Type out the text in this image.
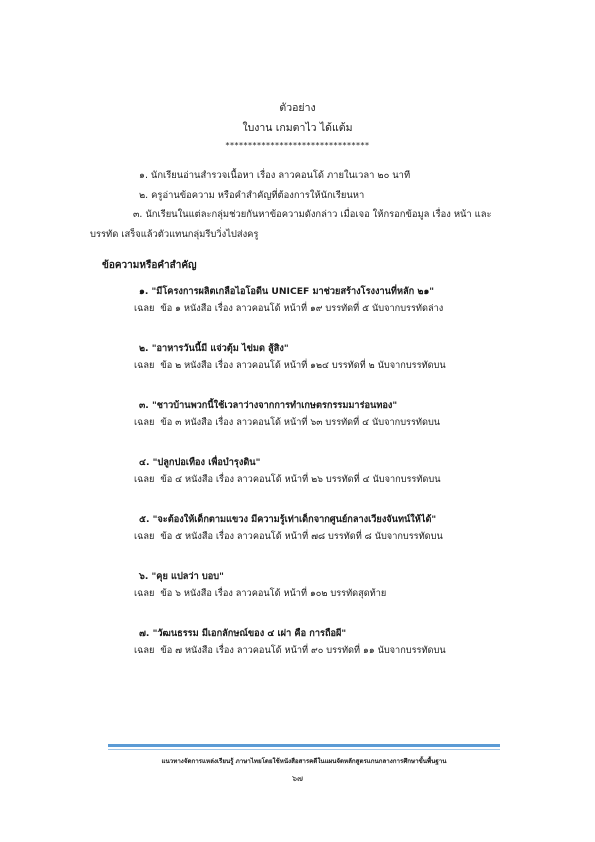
ตัวอย่าง
ใบงาน เกมตาไว ได้แต้ม
********************************
๑. นักเรียนอ่านสำรวจเนื้อหา เรื่อง ลาวคอนโด้ ภายในเวลา ๒๐ นาที
๒. ครูอ่านข้อความ หรือคำสำคัญที่ต้องการให้นักเรียนหา
๓. นักเรียนในแต่ละกลุ่มช่วยกันหาข้อความดังกล่าว เมื่อเจอ ให้กรอกข้อมูล เรื่อง หน้า และบรรทัด เสร็จแล้วตัวแทนกลุ่มรีบวิ่งไปส่งครู
ข้อความหรือคำสำคัญ
๑. "มีโครงการผลิตเกลือไอโอดีน UNICEF มาช่วยสร้างโรงงานที่หลัก ๒๑"
เฉลย ข้อ ๑ หนังสือ เรื่อง ลาวคอนโด้ หน้าที่ ๑๙ บรรทัดที่ ๕ นับจากบรรทัดล่าง
๒. "อาหารวันนี้มี แจ่วตุ้ม ไข่มด สู้สิง"
เฉลย ข้อ ๒ หนังสือ เรื่อง ลาวคอนโด้ หน้าที่ ๑๒๔ บรรทัดที่ ๒ นับจากบรรทัดบน
๓. "ชาวบ้านพวกนี้ใช้เวลาว่างจากการทำเกษตรกรรมมาร่อนทอง"
เฉลย ข้อ ๓ หนังสือ เรื่อง ลาวคอนโด้ หน้าที่ ๖๓ บรรทัดที่ ๔ นับจากบรรทัดบน
๔. "ปลูกปอเทือง เพื่อบำรุงดิน"
เฉลย ข้อ ๔ หนังสือ เรื่อง ลาวคอนโด้ หน้าที่ ๒๖ บรรทัดที่ ๔ นับจากบรรทัดบน
๕. "จะต้องให้เด็กตามแขวง มีความรู้เท่าเด็กจากศูนย์กลางเวียงจันทน์ให้ได้"
เฉลย ข้อ ๕ หนังสือ เรื่อง ลาวคอนโด้ หน้าที่ ๗๘ บรรทัดที่ ๘ นับจากบรรทัดบน
๖. "คุย แปลว่า บอบ"
เฉลย ข้อ ๖ หนังสือ เรื่อง ลาวคอนโด้ หน้าที่ ๑๐๒ บรรทัดสุดท้าย
๗. "วัฒนธรรม มีเอกลักษณ์ของ ๔ เผ่า คือ การถือผี"
เฉลย ข้อ ๗ หนังสือ เรื่อง ลาวคอนโด้ หน้าที่ ๙๐ บรรทัดที่ ๑๑ นับจากบรรทัดบน
แนวทางจัดการแหล่งเรียนรู้ ภาษาไทยโดยใช้หนังสือสารคดีในแผนจัดหลักสูตรแกนกลางการศึกษาขั้นพื้นฐาน
๖๗
